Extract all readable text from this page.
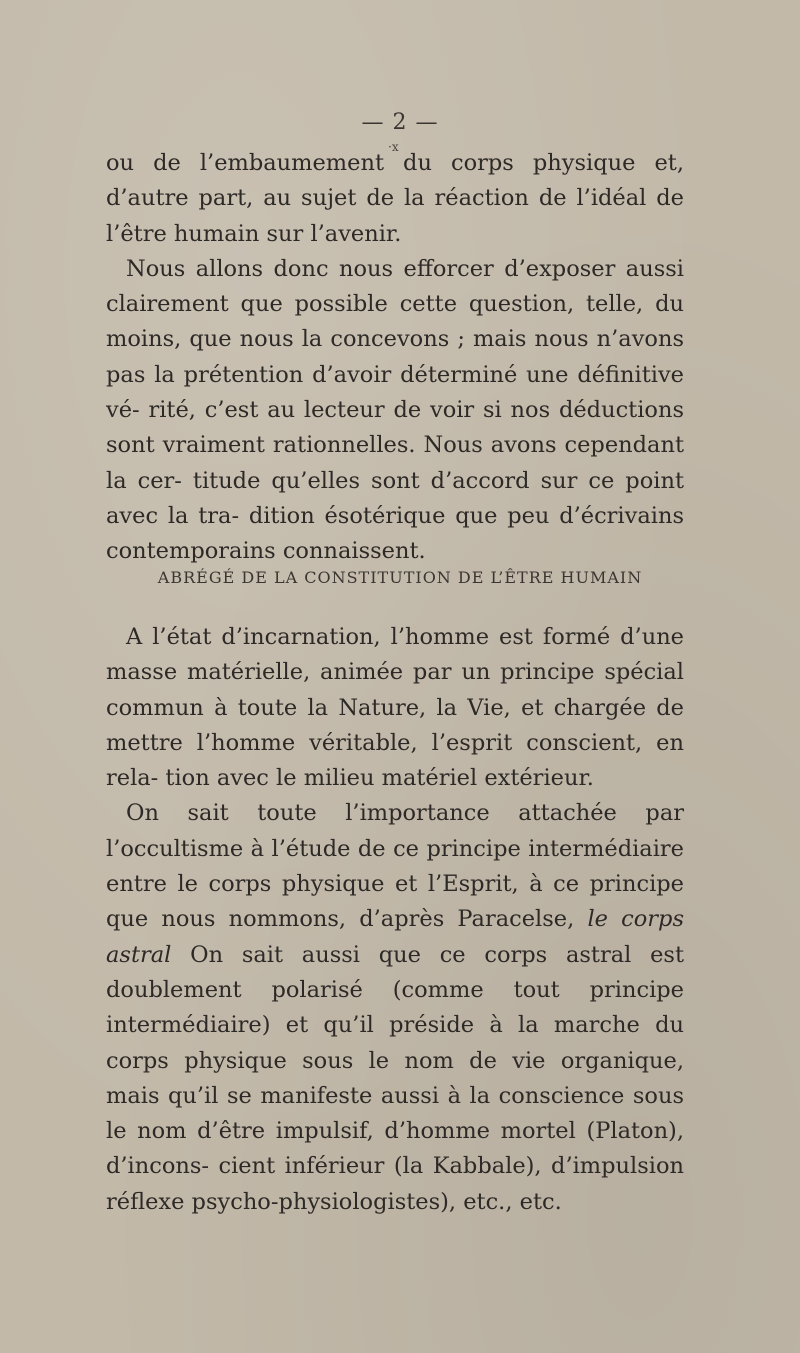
— 2 —
·x

ou de l’embaumement du corps physique et, d’autre part, au sujet de la réaction de l’idéal de l’être humain sur l’avenir.

Nous allons donc nous efforcer d’exposer aussi clairement que possible cette question, telle, du moins, que nous la concevons ; mais nous n’avons pas la prétention d’avoir déterminé une définitive vé- rité, c’est au lecteur de voir si nos déductions sont vraiment rationnelles. Nous avons cependant la cer- titude qu’elles sont d’accord sur ce point avec la tra- dition ésotérique que peu d’écrivains contemporains connaissent.

ABRÉGÉ DE LA CONSTITUTION DE L’ÊTRE HUMAIN

A l’état d’incarnation, l’homme est formé d’une masse matérielle, animée par un principe spécial commun à toute la Nature, la Vie, et chargée de mettre l’homme véritable, l’esprit conscient, en rela- tion avec le milieu matériel extérieur.

On sait toute l’importance attachée par l’occultisme à l’étude de ce principe intermédiaire entre le corps physique et l’Esprit, à ce principe que nous nommons, d’après Paracelse, le corps astral On sait aussi que ce corps astral est doublement polarisé (comme tout principe intermédiaire) et qu’il préside à la marche du corps physique sous le nom de vie organique, mais qu’il se manifeste aussi à la conscience sous le nom d’être impulsif, d’homme mortel (Platon), d’incons- cient inférieur (la Kabbale), d’impulsion réflexe psycho-physiologistes), etc., etc.
